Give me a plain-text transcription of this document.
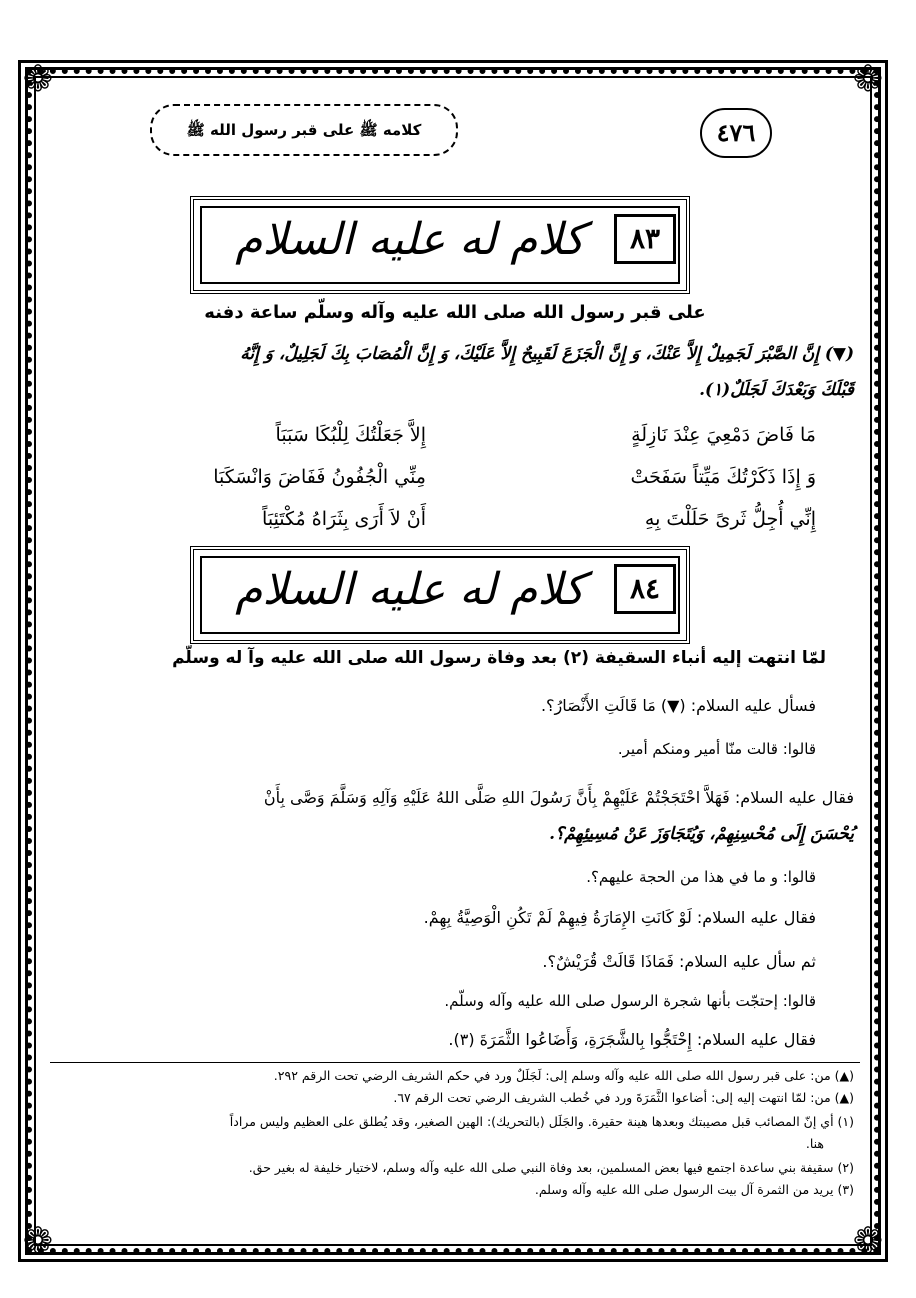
❁	❁
❁	❁
٤٧٦
كلامه ﷺ على قبر رسول الله ﷺ
٨٣
كلام له عليه السلام
على قبر رسول الله صلى الله عليه وآله وسلّم ساعة دفنه
(▼) إِنَّ الصَّبْرَ لَجَمِيلٌ إِلاَّ عَنْكَ، وَ إِنَّ الْجَزَعَ لَقَبِيحٌ إِلاَّ عَلَيْكَ، وَ إِنَّ الْمُصَابَ بِكَ لَجَلِيلٌ، وَ إِنَّهُ
قَبْلَكَ وَبَعْدَكَ لَجَلَلٌ(١).
مَا فَاضَ دَمْعِيَ عِنْدَ نَازِلَةٍ
إِلاَّ جَعَلْتُكَ لِلْبُكَا سَبَبَاً
وَ إِذَا ذَكَرْتُكَ مَيِّتاً سَفَحَتْ
مِنِّي الْجُفُونُ فَفَاضَ وَانْسَكَبَا
إِنِّي أُجِلُّ ثَرىً حَلَلْتَ بِهِ
أَنْ لاَ أَرَى بِثَرَاهُ مُكْتَئِبَاً
٨٤
كلام له عليه السلام
لمّا انتهت إليه أنباء السقيفة (٢) بعد وفاة رسول الله صلى الله عليه وآ له وسلّم
فسأل عليه السلام: (▼) مَا قَالَتِ الأَنْصَارُ؟.
قالوا: قالت منّا أمير ومنكم أمير.
فقال عليه السلام: فَهَلاَّ احْتَجَجْتُمْ عَلَيْهِمْ بِأَنَّ رَسُولَ اللهِ صَلَّى اللهُ عَلَيْهِ وَآلِهِ وَسَلَّمَ وَصَّى بِأَنْ
يُحْسَنَ إِلَى مُحْسِنِهِمْ، وَيُتَجَاوَزَ عَنْ مُسِيئِهِمْ؟.
قالوا: و ما في هذا من الحجة عليهم؟.
فقال عليه السلام: لَوْ كَانَتِ الإِمَارَةُ فِيهِمْ لَمْ تَكُنِ الْوَصِيَّةُ بِهِمْ.
ثم سأل عليه السلام: فَمَاذَا قَالَتْ قُرَيْشٌ؟.
قالوا: إحتجّت بأنها شجرة الرسول صلى الله عليه وآله وسلّم.
فقال عليه السلام: إِحْتَجُّوا بِالشَّجَرَةِ، وَأَضَاعُوا الثَّمَرَةَ (٣).
(▲) من: على قبر رسول الله صلى الله عليه وآله وسلم إلى: لَجَلَلٌ ورد في حكم الشريف الرضي تحت الرقم ٢٩٢.
(▲) من: لمّا انتهت إليه إلى: أضاعوا الثَّمَرَةَ ورد في خُطب الشريف الرضي تحت الرقم ٦٧.
(١) أي إنّ المصائب قبل مصيبتك وبعدها هينة حقيرة. والجَلَل (بالتحريك): الهين الصغير، وقد يُطلق على العظيم وليس مراداً
هنا.
(٢) سقيفة بني ساعدة اجتمع فيها بعض المسلمين، بعد وفاة النبي صلى الله عليه وآله وسلم، لاختيار خليفة له بغير حق.
(٣) يريد من الثمرة آل بيت الرسول صلى الله عليه وآله وسلم.
